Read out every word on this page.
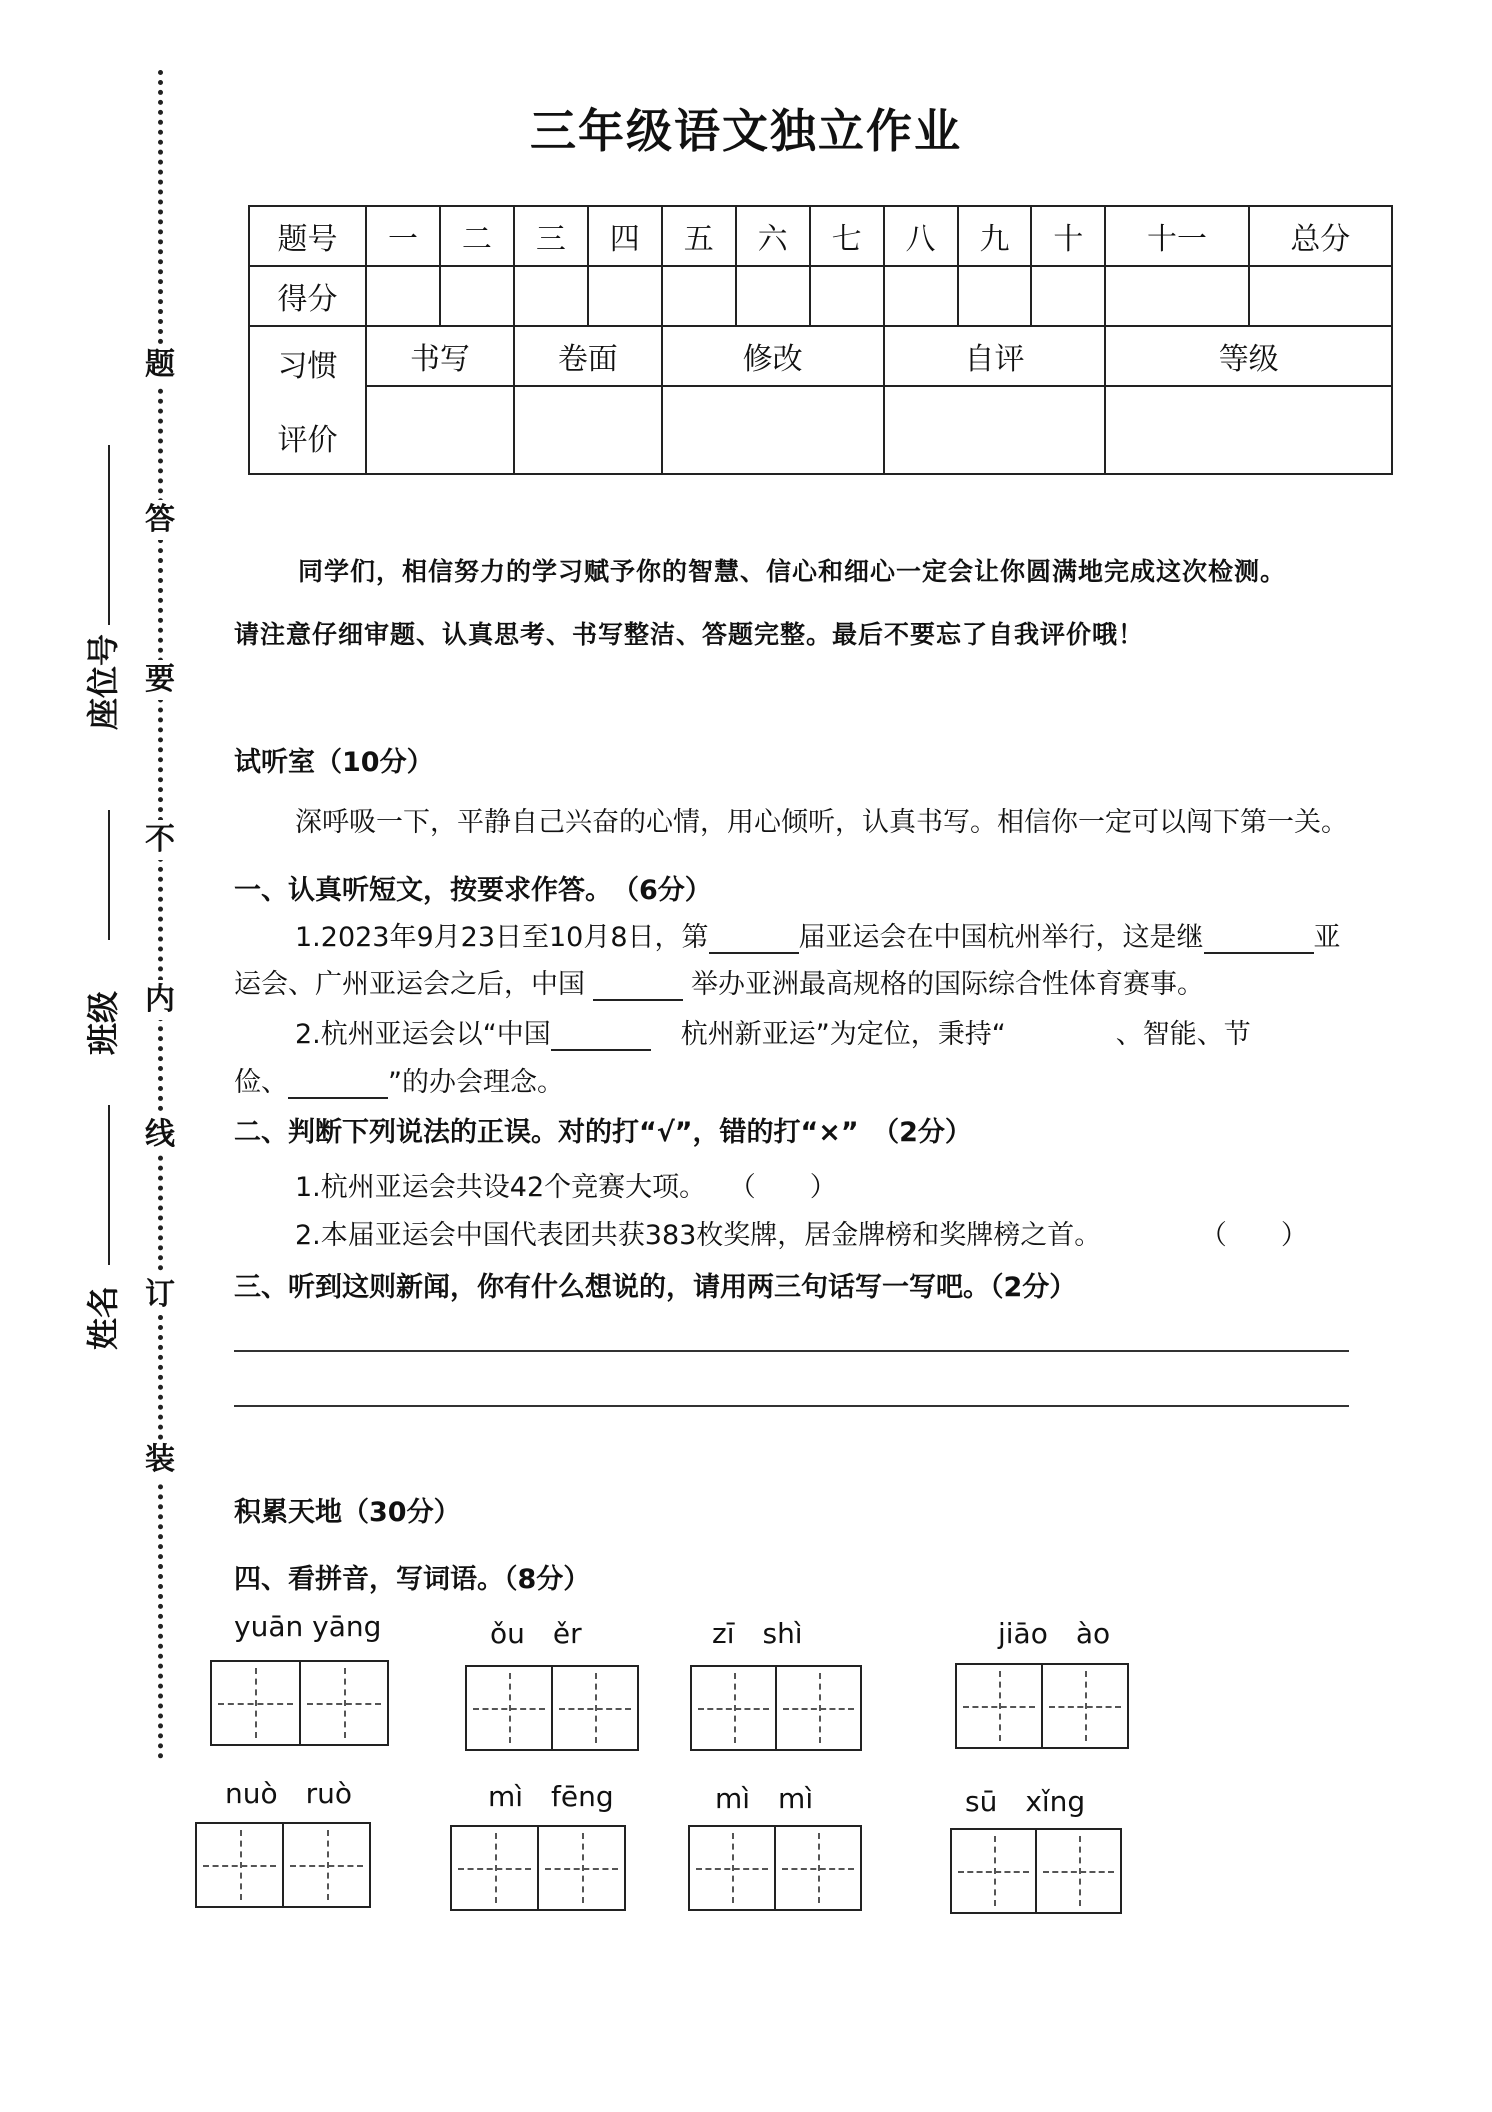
题
答
要
不
内
线
订
装
座位号
班级
姓名
三年级语文独立作业
题号	一	二	三	四	五	六	七	八	九	十	十一	总分
得分												

习惯
评价	书写		卷面		修改			自评			等级	

同学们，相信努力的学习赋予你的智慧、信心和细心一定会让你圆满地完成这次检测。
请注意仔细审题、认真思考、书写整洁、答题完整。最后不要忘了自我评价哦！
试听室（10分）
深呼吸一下，平静自己兴奋的心情，用心倾听，认真书写。相信你一定可以闯下第一关。
一、认真听短文，按要求作答。　（6分）
1.2023年9月23日至10月8日，第	届亚运会在中国杭州举行，这是继	亚
运会、广州亚运会之后，中国	举办亚洲最高规格的国际综合性体育赛事。
2.杭州亚运会以“中国	杭州新亚运”为定位，秉持“	、智能、节
俭、	”的办会理念。
二、判断下列说法的正误。对的打“√”，错的打“×”　（2分）
1.杭州亚运会共设42个竞赛大项。 （　　）
2.本届亚运会中国代表团共获383枚奖牌，居金牌榜和奖牌榜之首。	（　　）
三、听到这则新闻，你有什么想说的，请用两三句话写一写吧。（2分）
积累天地（30分）
四、看拼音，写词语。（8分）
yuān yāng	ǒu　ěr	zī　shì	jiāo　ào
nuò　ruò	mì　fēng	mì　mì	sū　xǐng
